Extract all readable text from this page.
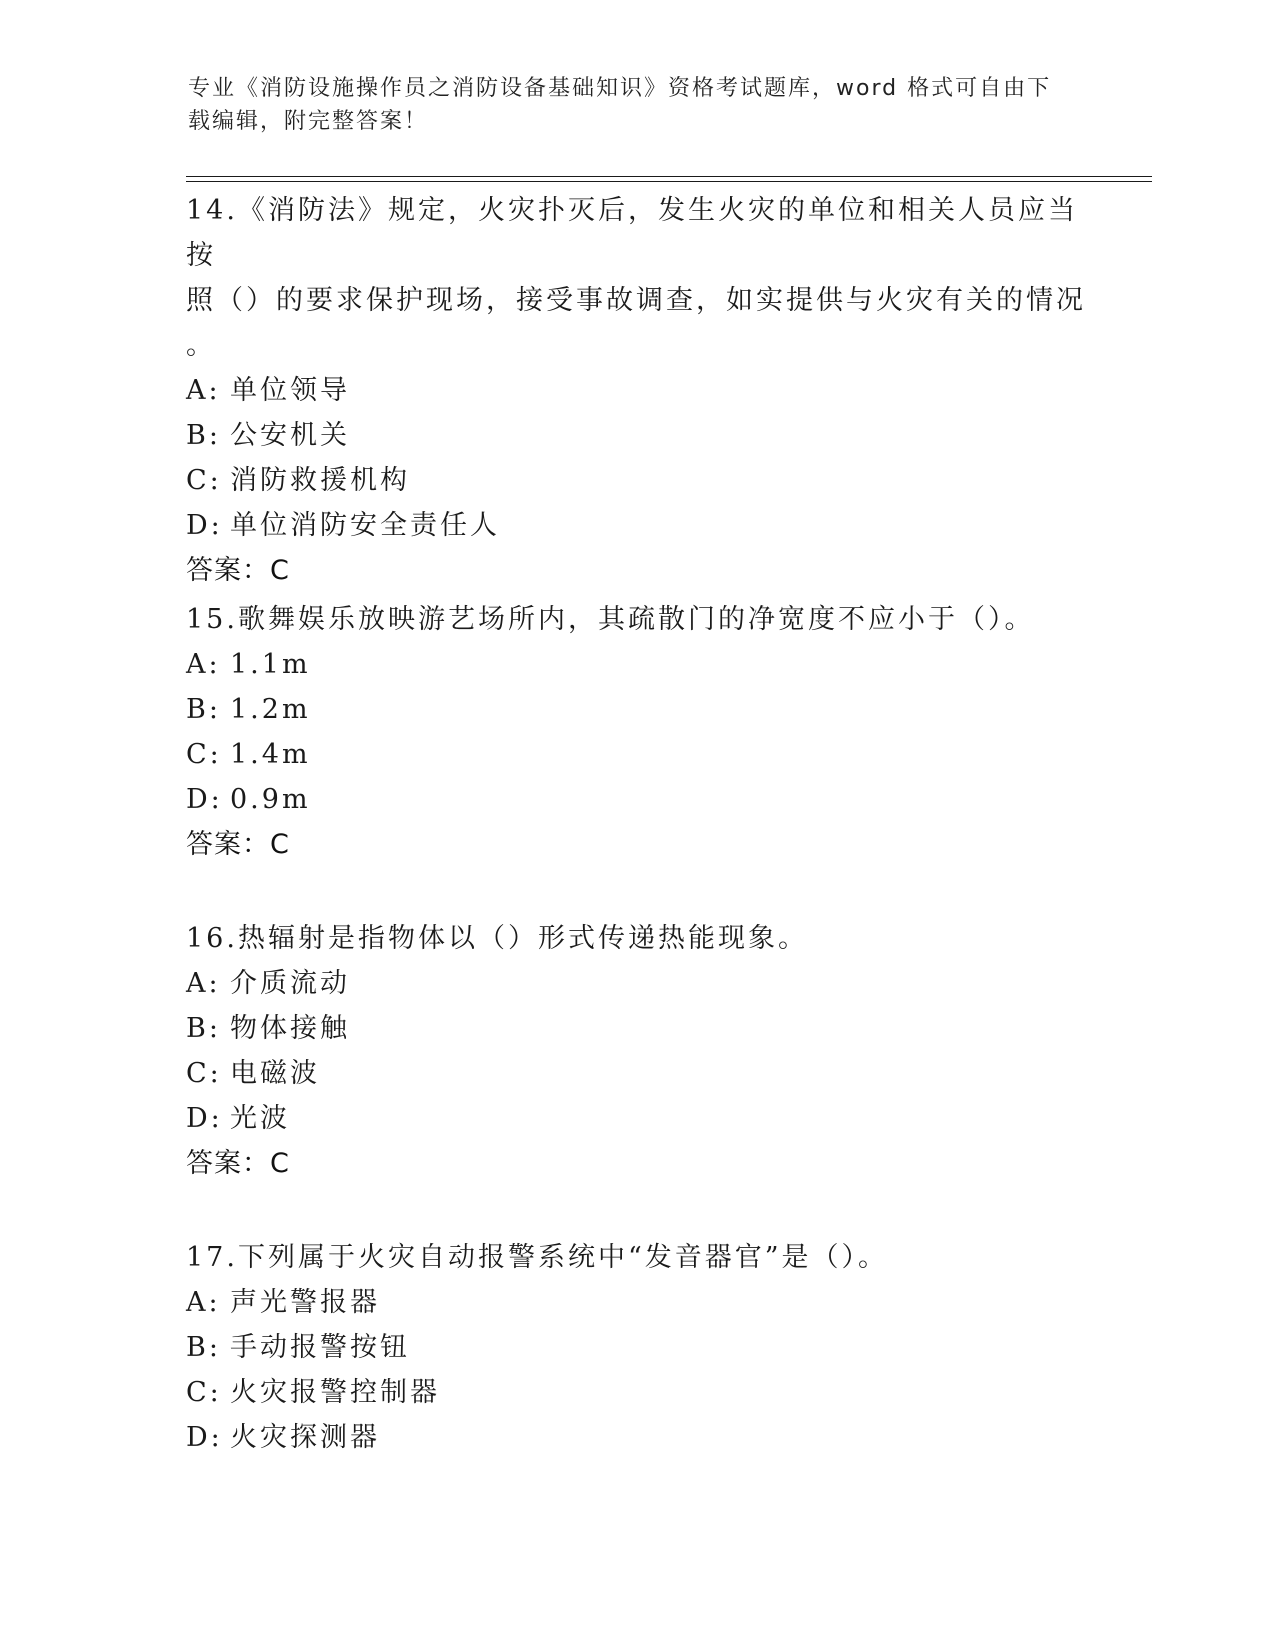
专业《消防设施操作员之消防设备基础知识》资格考试题库，word 格式可自由下
载编辑，附完整答案！
14.《消防法》规定，火灾扑灭后，发生火灾的单位和相关人员应当按
照（）的要求保护现场，接受事故调查，如实提供与火灾有关的情况
。
A: 单位领导
B: 公安机关
C: 消防救援机构
D: 单位消防安全责任人
答案：C
15.歌舞娱乐放映游艺场所内，其疏散门的净宽度不应小于（）。
A: 1.1m
B: 1.2m
C: 1.4m
D: 0.9m
答案：C
16.热辐射是指物体以（）形式传递热能现象。
A: 介质流动
B: 物体接触
C: 电磁波
D: 光波
答案：C
17.下列属于火灾自动报警系统中“发音器官”是（）。
A: 声光警报器
B: 手动报警按钮
C: 火灾报警控制器
D: 火灾探测器
